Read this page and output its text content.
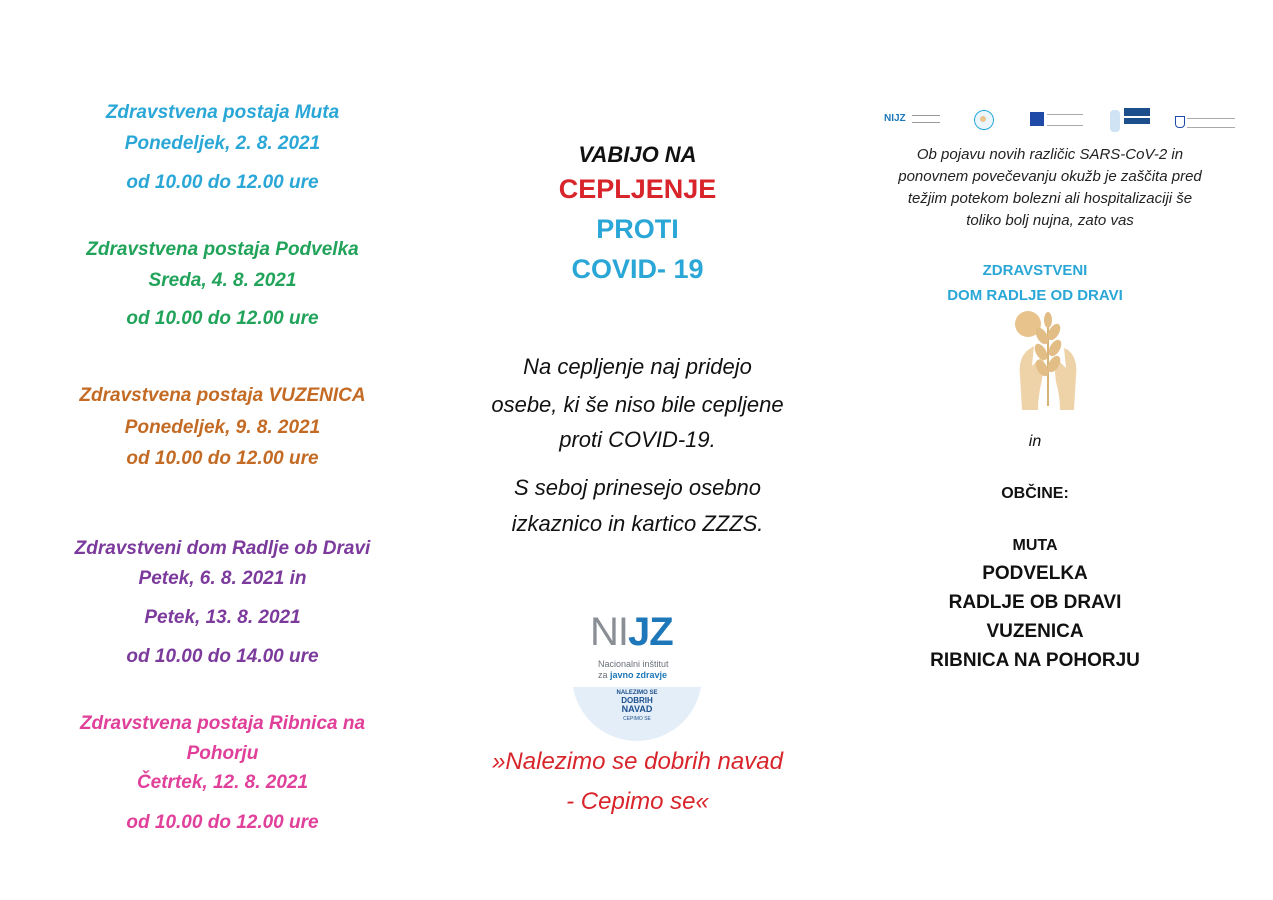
Zdravstvena postaja Muta
Ponedeljek, 2. 8. 2021
od 10.00 do 12.00 ure
Zdravstvena postaja Podvelka
Sreda, 4. 8. 2021
od 10.00 do 12.00 ure
Zdravstvena postaja VUZENICA
Ponedeljek, 9. 8. 2021
od 10.00 do 12.00 ure
Zdravstveni dom Radlje ob Dravi
Petek, 6. 8. 2021 in
Petek, 13. 8. 2021
od 10.00 do 14.00 ure
Zdravstvena postaja Ribnica na
Pohorju
Četrtek, 12. 8. 2021
od 10.00 do 12.00 ure
VABIJO NA
CEPLJENJE
PROTI
COVID- 19
Na cepljenje naj pridejo
osebe, ki še niso bile cepljene
proti COVID-19.
S seboj prinesejo osebno
izkaznico in kartico ZZZS.
NIJZ
Nacionalni inštitut
za javno zdravje
NALEZIMO SE
DOBRIH
NAVAD
CEPIMO SE
»Nalezimo se dobrih navad
- Cepimo se«
NIJZ
Ob pojavu novih različic SARS-CoV-2 in
ponovnem povečevanju okužb je zaščita pred
težjim potekom bolezni ali hospitalizaciji še
toliko bolj nujna, zato vas
ZDRAVSTVENI
DOM RADLJE OD DRAVI
in
OBČINE:
MUTA
PODVELKA
RADLJE OB DRAVI
VUZENICA
RIBNICA NA POHORJU
